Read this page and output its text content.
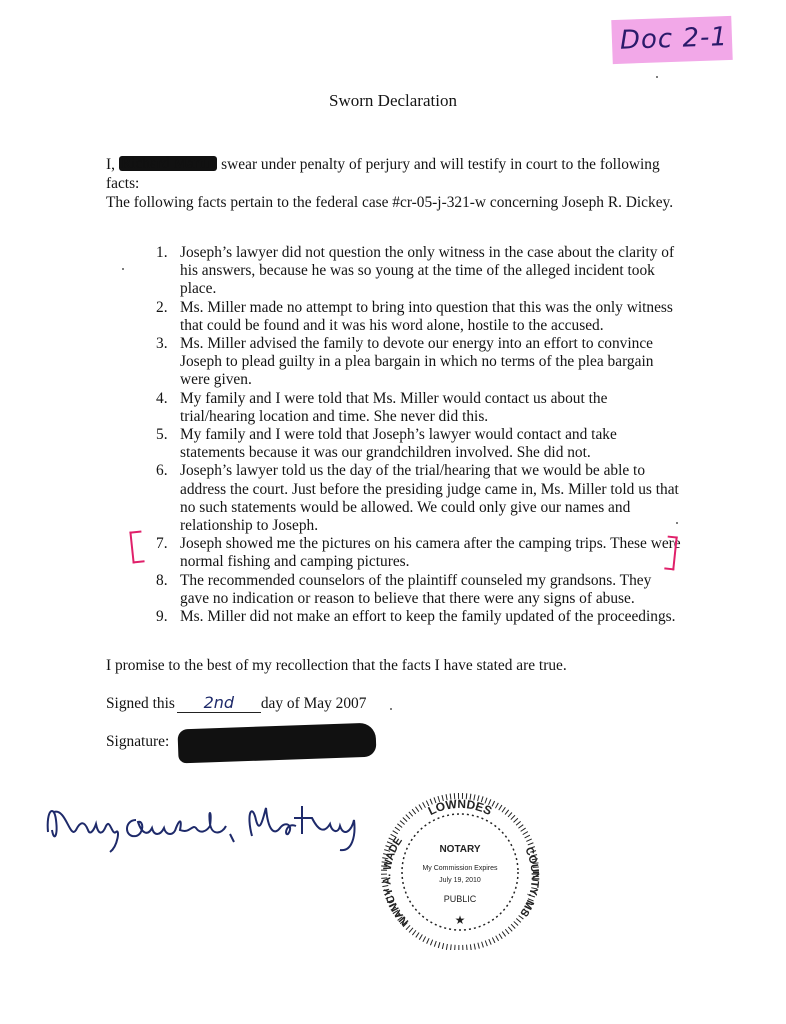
Doc 2-1
Sworn Declaration
I, Richard Martin swear under penalty of perjury and will testify in court to the following facts:
The following facts pertain to the federal case #cr-05-j-321-w concerning Joseph R. Dickey.
1. Joseph’s lawyer did not question the only witness in the case about the clarity of his answers, because he was so young at the time of the alleged incident took place.
2. Ms. Miller made no attempt to bring into question that this was the only witness that could be found and it was his word alone, hostile to the accused.
3. Ms. Miller advised the family to devote our energy into an effort to convince Joseph to plead guilty in a plea bargain in which no terms of the plea bargain were given.
4. My family and I were told that Ms. Miller would contact us about the trial/hearing location and time. She never did this.
5. My family and I were told that Joseph’s lawyer would contact and take statements because it was our grandchildren involved. She did not.
6. Joseph’s lawyer told us the day of the trial/hearing that we would be able to address the court. Just before the presiding judge came in, Ms. Miller told us that no such statements would be allowed. We could only give our names and relationship to Joseph.
7. Joseph showed me the pictures on his camera after the camping trips. These were normal fishing and camping pictures.
8. The recommended counselors of the plaintiff counseled my grandsons. They gave no indication or reason to believe that there were any signs of abuse.
9. Ms. Miller did not make an effort to keep the family updated of the proceedings.
I promise to the best of my recollection that the facts I have stated are true.
Signed this 2nd day of May 2007
Signature:
LOWNDES
NANCY A. WADE
COUNTY, MS
NOTARY
My Commission Expires
July 19, 2010
PUBLIC
★
